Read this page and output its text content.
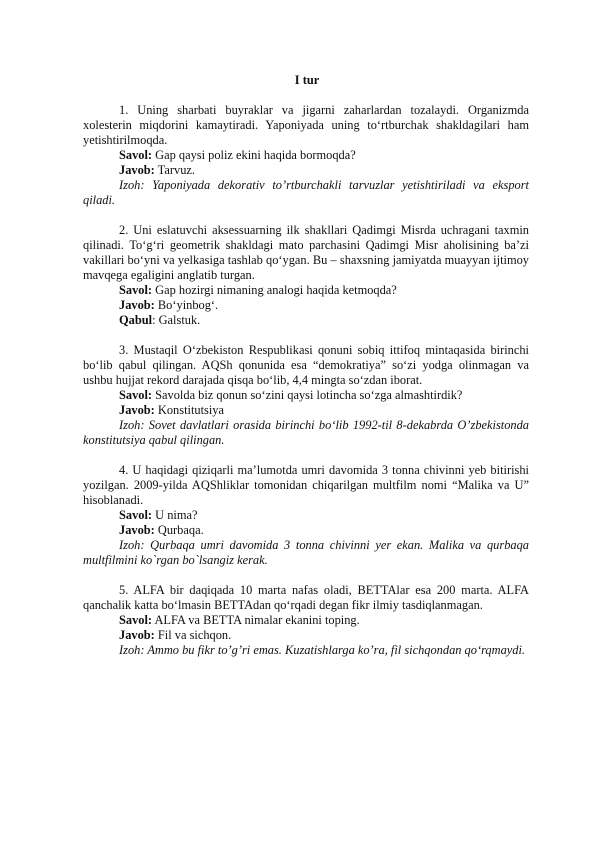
I tur

1. Uning sharbati buyraklar va jigarni zaharlardan tozalaydi. Organizmda xolesterin miqdorini kamaytiradi. Yaponiyada uning to‘rtburchak shakldagilari ham yetishtirilmoqda.

Savol: Gap qaysi poliz ekini haqida bormoqda?

Javob: Tarvuz.

Izoh: Yaponiyada dekorativ to’rtburchakli tarvuzlar yetishtiriladi va eksport qiladi.

2. Uni eslatuvchi aksessuarning ilk shakllari Qadimgi Misrda uchragani taxmin qilinadi. To‘g‘ri geometrik shakldagi mato parchasini Qadimgi Misr aholisining ba’zi vakillari bo‘yni va yelkasiga tashlab qo‘ygan. Bu – shaxsning jamiyatda muayyan ijtimoy mavqega egaligini anglatib turgan.

Savol: Gap hozirgi nimaning analogi haqida ketmoqda?

Javob: Bo‘yinbog‘.

Qabul: Galstuk.

3. Mustaqil O‘zbekiston Respublikasi qonuni sobiq ittifoq mintaqasida birinchi bo‘lib qabul qilingan. AQSh qonunida esa “demokratiya” so‘zi yodga olinmagan va ushbu hujjat rekord darajada qisqa bo‘lib, 4,4 mingta so‘zdan iborat.

Savol: Savolda biz qonun so‘zini qaysi lotincha so‘zga almashtirdik?

Javob: Konstitutsiya

Izoh: Sovet davlatlari orasida birinchi bo‘lib 1992-til 8-dekabrda O’zbekistonda konstitutsiya qabul qilingan.

4. U haqidagi qiziqarli ma’lumotda umri davomida 3 tonna chivinni yeb bitirishi yozilgan. 2009-yilda AQShliklar tomonidan chiqarilgan multfilm nomi “Malika va U” hisoblanadi.

Savol: U nima?

Javob: Qurbaqa.

Izoh: Qurbaqa umri davomida 3 tonna chivinni yer ekan. Malika va qurbaqa multfilmini ko`rgan bo`lsangiz kerak.

5. ALFA bir daqiqada 10 marta nafas oladi, BETTAlar esa 200 marta. ALFA qanchalik katta bo‘lmasin BETTAdan qo‘rqadi degan fikr ilmiy tasdiqlanmagan.

Savol: ALFA va BETTA nimalar ekanini toping.

Javob: Fil va sichqon.

Izoh: Ammo bu fikr to’g’ri emas. Kuzatishlarga ko’ra, fil sichqondan qo‘rqmaydi.
